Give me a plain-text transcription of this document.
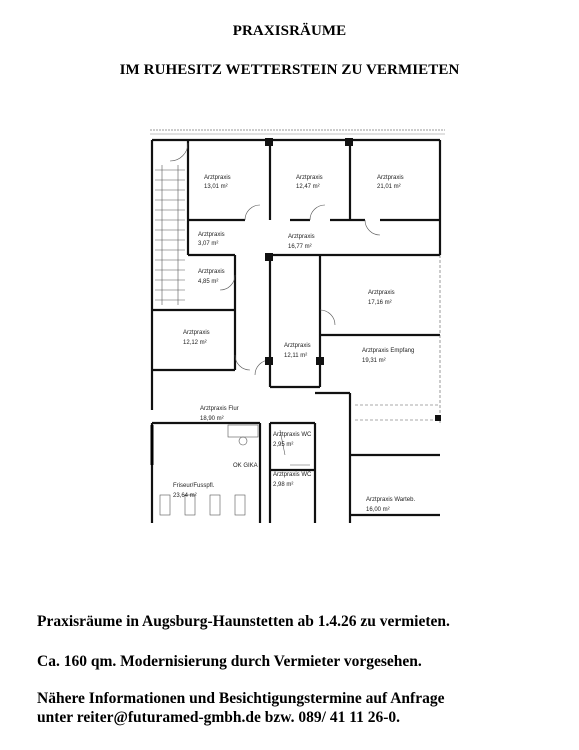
PRAXISRÄUME
IM RUHESITZ WETTERSTEIN ZU VERMIETEN
Arztpraxis
13,01 m²
Arztpraxis
12,47 m²
Arztpraxis
21,01 m²
Arztpraxis
3,07 m²
Arztpraxis
16,77 m²
Arztpraxis
4,85 m²
Arztpraxis
17,16 m²
Arztpraxis
12,12 m²	Arztpraxis
12,11 m²
Arztpraxis Empfang
19,31 m²
Arztpraxis Flur
18,90 m²
Arztpraxis WC
2,95 m²
Arztpraxis WC
2,98 m²
Friseur/Fusspfl.
23,64 m²
Arztpraxis Warteb.
16,00 m²
OK GIKA
Praxisräume in Augsburg-Haunstetten ab 1.4.26 zu vermieten.
Ca. 160 qm. Modernisierung durch Vermieter vorgesehen.
Nähere Informationen und Besichtigungstermine auf Anfrage
unter reiter@futuramed-gmbh.de bzw. 089/ 41 11 26-0.
